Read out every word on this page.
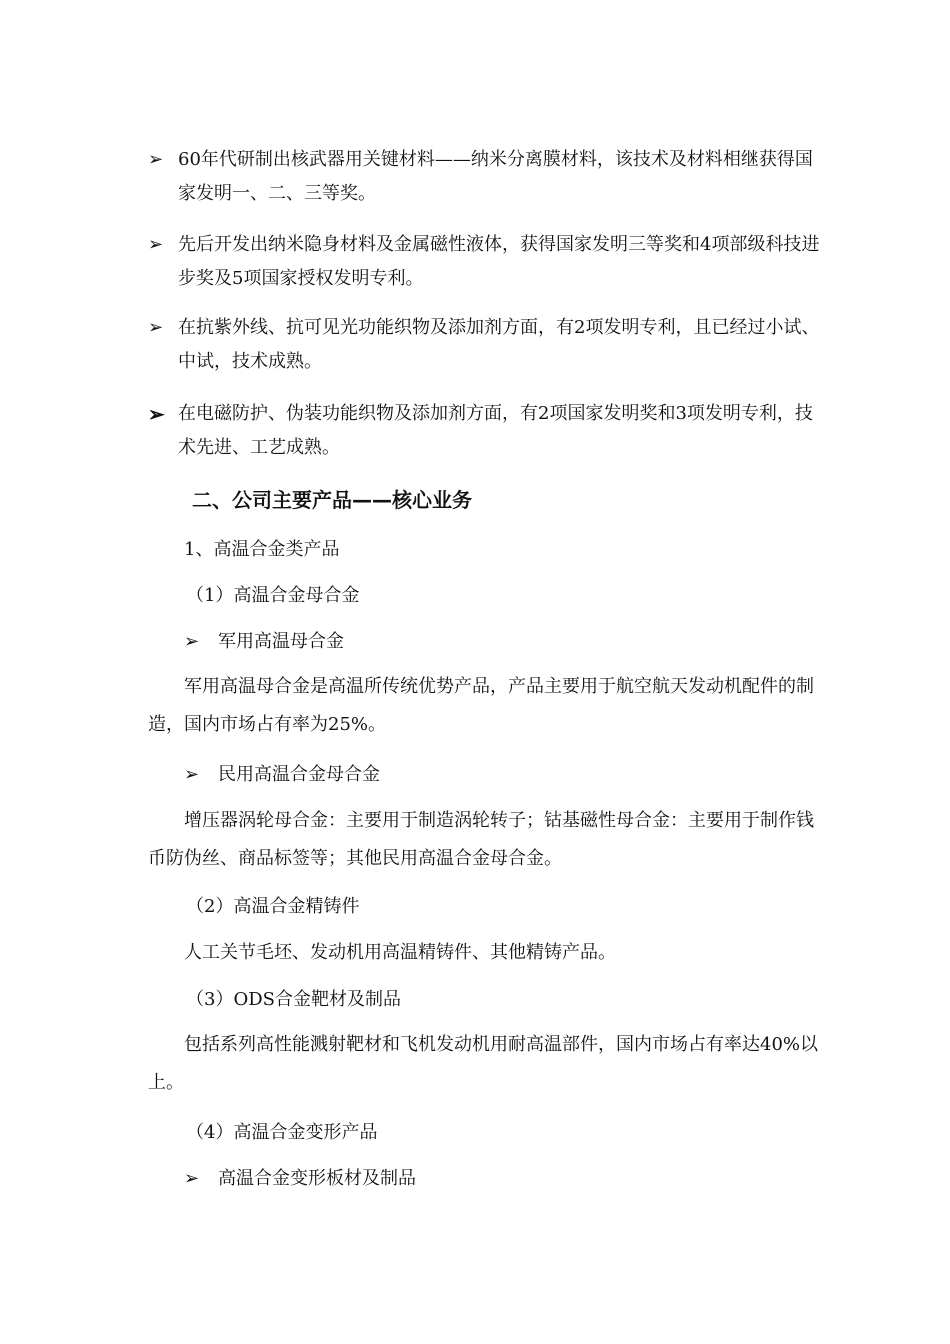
➢ 60年代研制出核武器用关键材料——纳米分离膜材料，该技术及材料相继获得国家发明一、二、三等奖。
➢ 先后开发出纳米隐身材料及金属磁性液体，获得国家发明三等奖和4项部级科技进步奖及5项国家授权发明专利。
➢ 在抗紫外线、抗可见光功能织物及添加剂方面，有2项发明专利，且已经过小试、中试，技术成熟。
➢ 在电磁防护、伪装功能织物及添加剂方面，有2项国家发明奖和3项发明专利，技术先进、工艺成熟。
二、公司主要产品——核心业务
1、高温合金类产品
（1）高温合金母合金
➢ 军用高温母合金
军用高温母合金是高温所传统优势产品，产品主要用于航空航天发动机配件的制造，国内市场占有率为25%。
➢ 民用高温合金母合金
增压器涡轮母合金：主要用于制造涡轮转子；钴基磁性母合金：主要用于制作钱币防伪丝、商品标签等；其他民用高温合金母合金。
（2）高温合金精铸件
人工关节毛坯、发动机用高温精铸件、其他精铸产品。
（3）ODS合金靶材及制品
包括系列高性能溅射靶材和飞机发动机用耐高温部件，国内市场占有率达40%以上。
（4）高温合金变形产品
➢ 高温合金变形板材及制品
